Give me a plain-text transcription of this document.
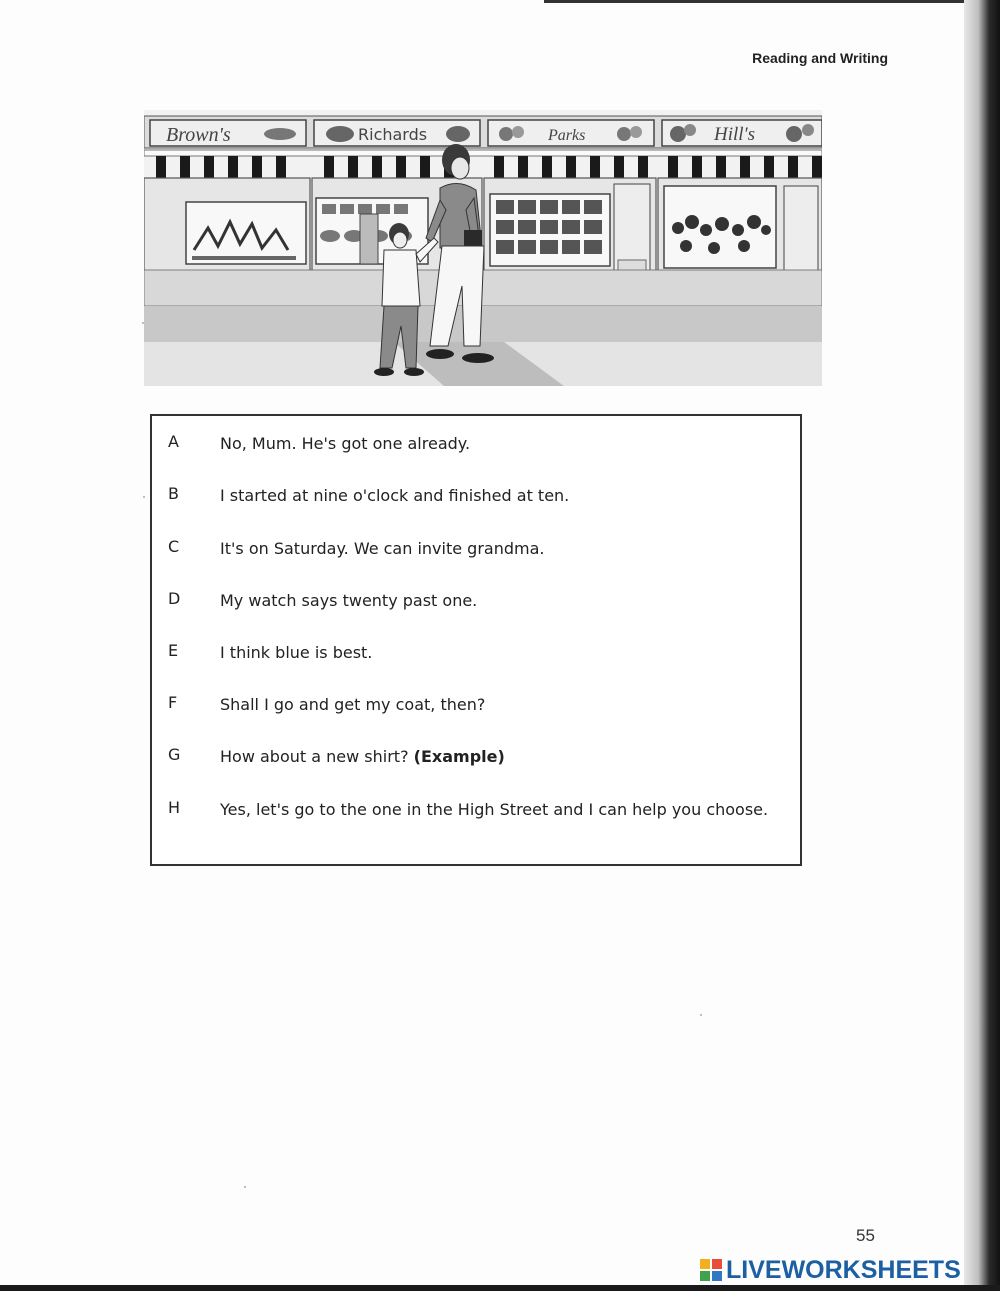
Reading and Writing
Brown's	Richards	Parks	Hill's
A	No, Mum. He's got one already.
B	I started at nine o'clock and finished at ten.
C	It's on Saturday. We can invite grandma.
D My watch says twenty past one.
E	I think blue is best.
F	Shall I go and get my coat, then?
G How about a new shirt? (Example)
H Yes, let's go to the one in the High Street and I can help you choose.
55
LIVEWORKSHEETS
